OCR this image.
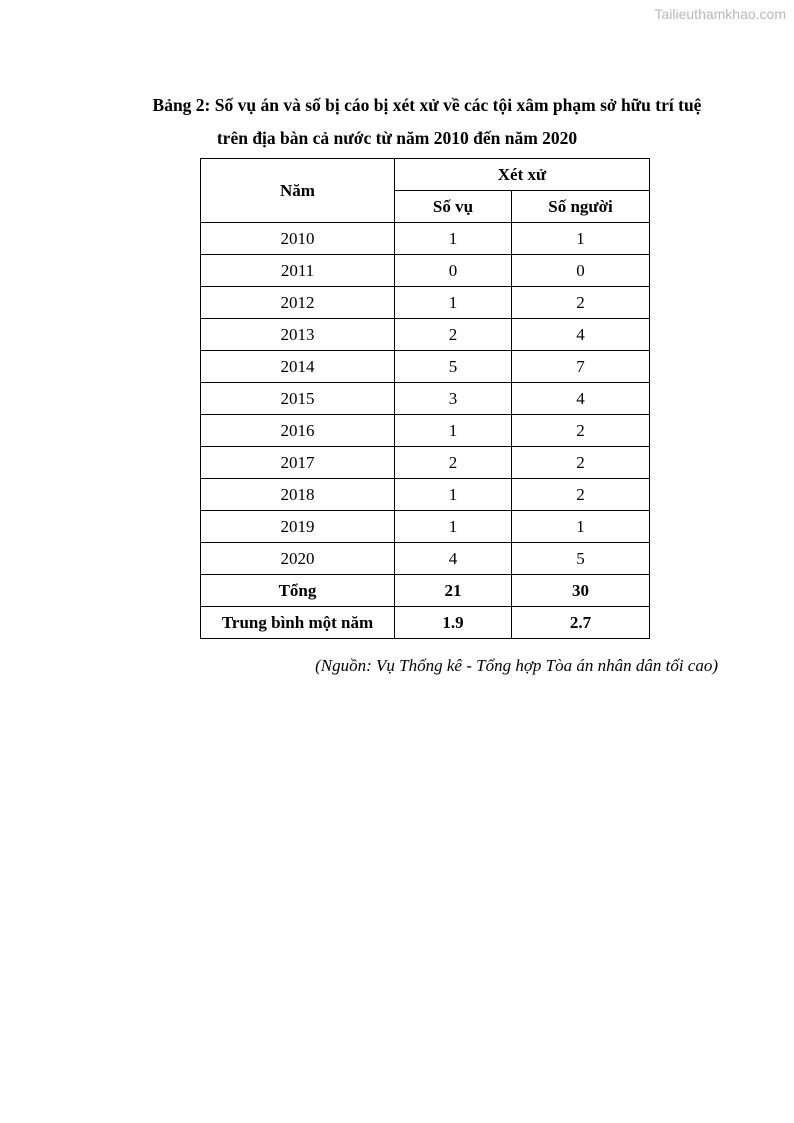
Tailieuthamkhao.com
Bảng 2: Số vụ án và số bị cáo bị xét xử về các tội xâm phạm sở hữu trí tuệ
trên địa bàn cả nước từ năm 2010 đến năm 2020
Năm	Xét xử	
	Số vụ	Số người
2010	1	1
2011	0	0
2012	1	2
2013	2	4
2014	5	7
2015	3	4
2016	1	2
2017	2	2
2018	1	2
2019	1	1
2020	4	5
Tổng	21	30
Trung bình một năm	1.9	2.7
(Nguồn: Vụ Thống kê - Tổng hợp Tòa án nhân dân tối cao)
